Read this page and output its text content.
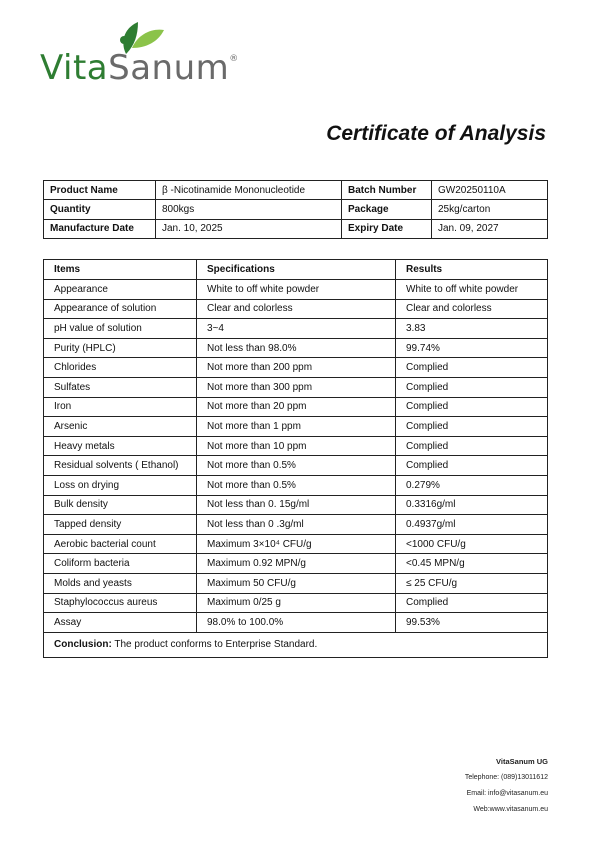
VitaSanum®
Certificate of Analysis
Product Name	β -Nicotinamide Mononucleotide	Batch Number	GW20250110A
Quantity	800kgs	Package	25kg/carton
Manufacture Date	Jan. 10, 2025	Expiry Date	Jan. 09, 2027
Items	Specifications	Results
Appearance	White to off white powder	White to off white powder
Appearance of solution	Clear and colorless	Clear and colorless
pH value of solution	3~4	3.83
Purity (HPLC)	Not less than 98.0%	99.74%
Chlorides	Not more than 200 ppm	Complied
Sulfates	Not more than 300 ppm	Complied
Iron	Not more than 20 ppm	Complied
Arsenic	Not more than 1 ppm	Complied
Heavy metals	Not more than 10 ppm	Complied
Residual solvents ( Ethanol)	Not more than 0.5%	Complied
Loss on drying	Not more than 0.5%	0.279%
Bulk density	Not less than 0. 15g/ml	0.3316g/ml
Tapped density	Not less than 0 .3g/ml	0.4937g/ml
Aerobic bacterial count	Maximum 3×10⁴ CFU/g	<1000 CFU/g
Coliform bacteria	Maximum 0.92 MPN/g	<0.45 MPN/g
Molds and yeasts	Maximum 50 CFU/g	≤ 25 CFU/g
Staphylococcus aureus	Maximum 0/25 g	Complied
Assay	98.0% to 100.0%	99.53%
Conclusion: The product conforms to Enterprise Standard.		
VitaSanum UG
Telephone: (089)13011612
Email: info@vitasanum.eu
Web:www.vitasanum.eu
